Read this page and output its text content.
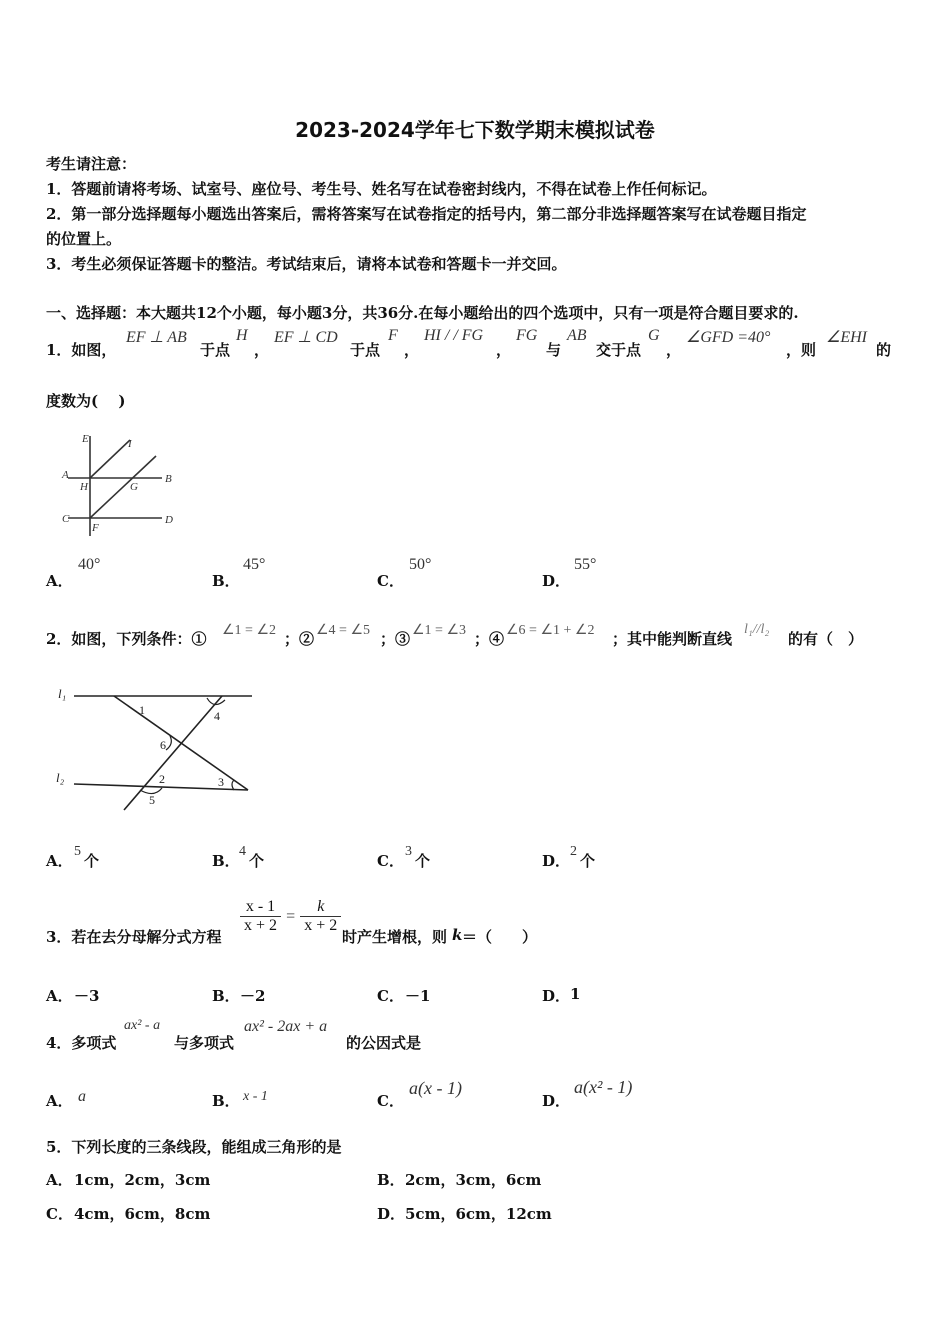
2023-2024学年七下数学期末模拟试卷
考生请注意：
1．答题前请将考场、试室号、座位号、考生号、姓名写在试卷密封线内，不得在试卷上作任何标记。
2．第一部分选择题每小题选出答案后，需将答案写在试卷指定的括号内，第二部分非选择题答案写在试卷题目指定
的位置上。
3．考生必须保证答题卡的整洁。考试结束后，请将本试卷和答题卡一并交回。
一、选择题：本大题共12个小题，每小题3分，共36分.在每小题给出的四个选项中，只有一项是符合题目要求的.
1．如图，
EF ⊥ AB
于点
H
，
EF ⊥ CD
于点
F
，
HI / / FG
，
FG
与
AB
交于点
G
，
∠GFD =40°
，则
∠EHI
的
度数为(　 )
E	I
A
H	G
B
C
F
D
A．
40°
B．
45°
C．
50°
D．
55°
2．如图，下列条件：① ∠1 = ∠2 ；② ∠4 = ∠5 ；③ ∠1 = ∠3 ；④ ∠6 = ∠1 + ∠2 ；其中能判断直线
l₁//l₂
的有（　）
l₁
l₂
1
2	3
4
5
6
A．
5
个	B．
4
个	C．
3
个	D．
2
个
3．若在去分母解分式方程
$\frac{x - 1}{x + 2} = \frac{k}{x + 2}$
时产生增根，则 k ＝（　　）
A． －3	B． －2	C． －1	D． 1
4．多项式
ax² - a
与多项式
ax² - 2ax + a
的公因式是
A． a	B． x - 1	C．
a(x - 1)
D．
a(x² - 1)
5．下列长度的三条线段，能组成三角形的是
A． 1cm，2cm，3cm	B． 2cm，3cm，6cm
C． 4cm，6cm，8cm	D． 5cm，6cm，12cm
